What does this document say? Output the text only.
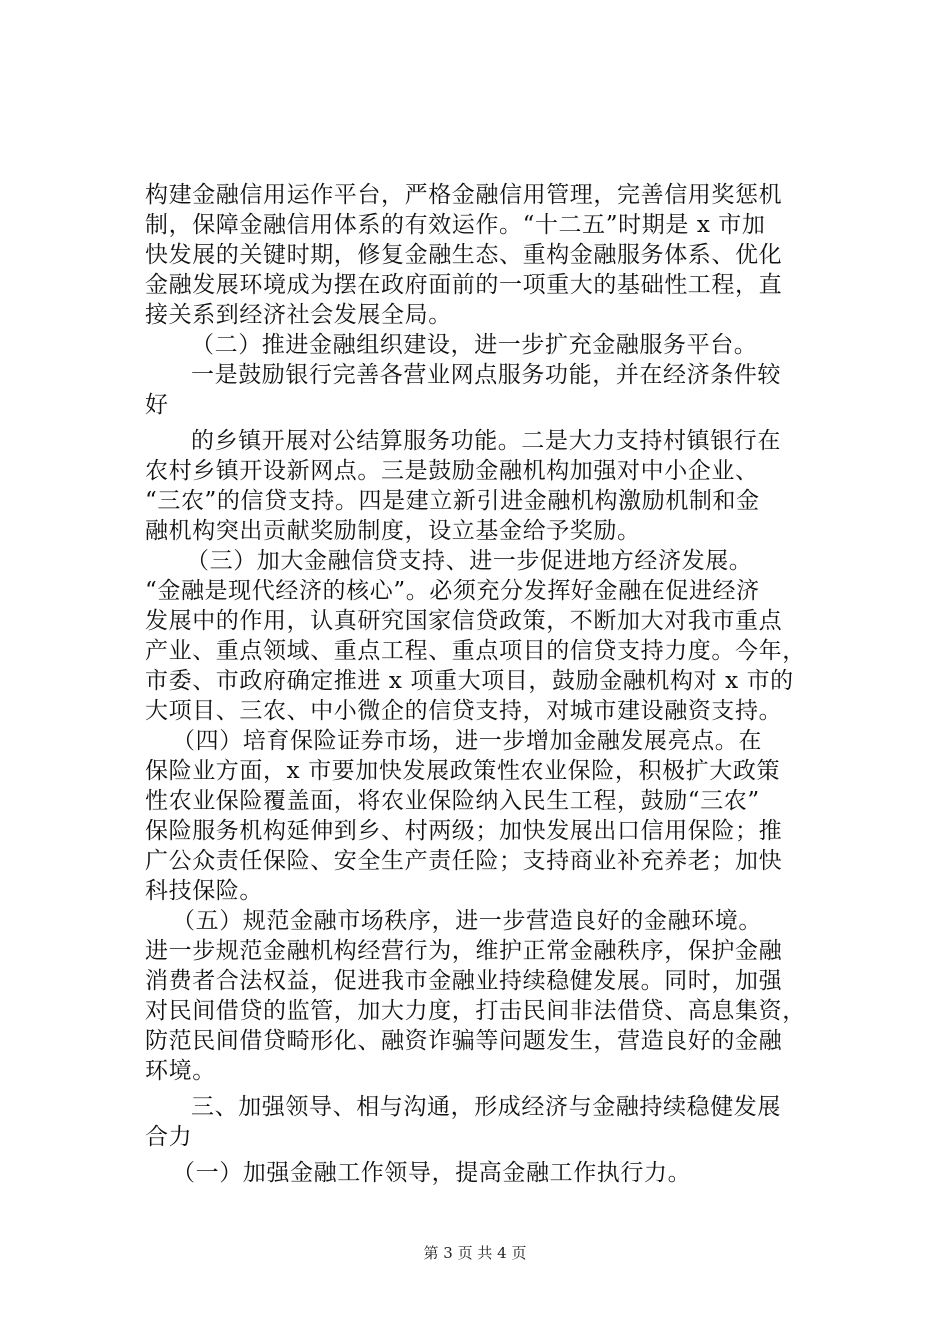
构建金融信用运作平台，严格金融信用管理，完善信用奖惩机
制，保障金融信用体系的有效运作。“十二五”时期是 x 市加
快发展的关键时期，修复金融生态、重构金融服务体系、优化
金融发展环境成为摆在政府面前的一项重大的基础性工程，直
接关系到经济社会发展全局。
（二）推进金融组织建设，进一步扩充金融服务平台。
一是鼓励银行完善各营业网点服务功能，并在经济条件较
好
的乡镇开展对公结算服务功能。二是大力支持村镇银行在
农村乡镇开设新网点。三是鼓励金融机构加强对中小企业、
“三农”的信贷支持。四是建立新引进金融机构激励机制和金
融机构突出贡献奖励制度，设立基金给予奖励。
（三）加大金融信贷支持、进一步促进地方经济发展。
“金融是现代经济的核心”。必须充分发挥好金融在促进经济
发展中的作用，认真研究国家信贷政策，不断加大对我市重点
产业、重点领域、重点工程、重点项目的信贷支持力度。今年，
市委、市政府确定推进 x 项重大项目，鼓励金融机构对 x 市的
大项目、三农、中小微企的信贷支持，对城市建设融资支持。
（四）培育保险证券市场，进一步增加金融发展亮点。在
保险业方面，x 市要加快发展政策性农业保险，积极扩大政策
性农业保险覆盖面，将农业保险纳入民生工程，鼓励“三农”
保险服务机构延伸到乡、村两级；加快发展出口信用保险；推
广公众责任保险、安全生产责任险；支持商业补充养老；加快
科技保险。
（五）规范金融市场秩序，进一步营造良好的金融环境。
进一步规范金融机构经营行为，维护正常金融秩序，保护金融
消费者合法权益，促进我市金融业持续稳健发展。同时，加强
对民间借贷的监管，加大力度，打击民间非法借贷、高息集资，
防范民间借贷畸形化、融资诈骗等问题发生，营造良好的金融
环境。
三、加强领导、相与沟通，形成经济与金融持续稳健发展
合力
（一）加强金融工作领导，提高金融工作执行力。
第 3 页 共 4 页
